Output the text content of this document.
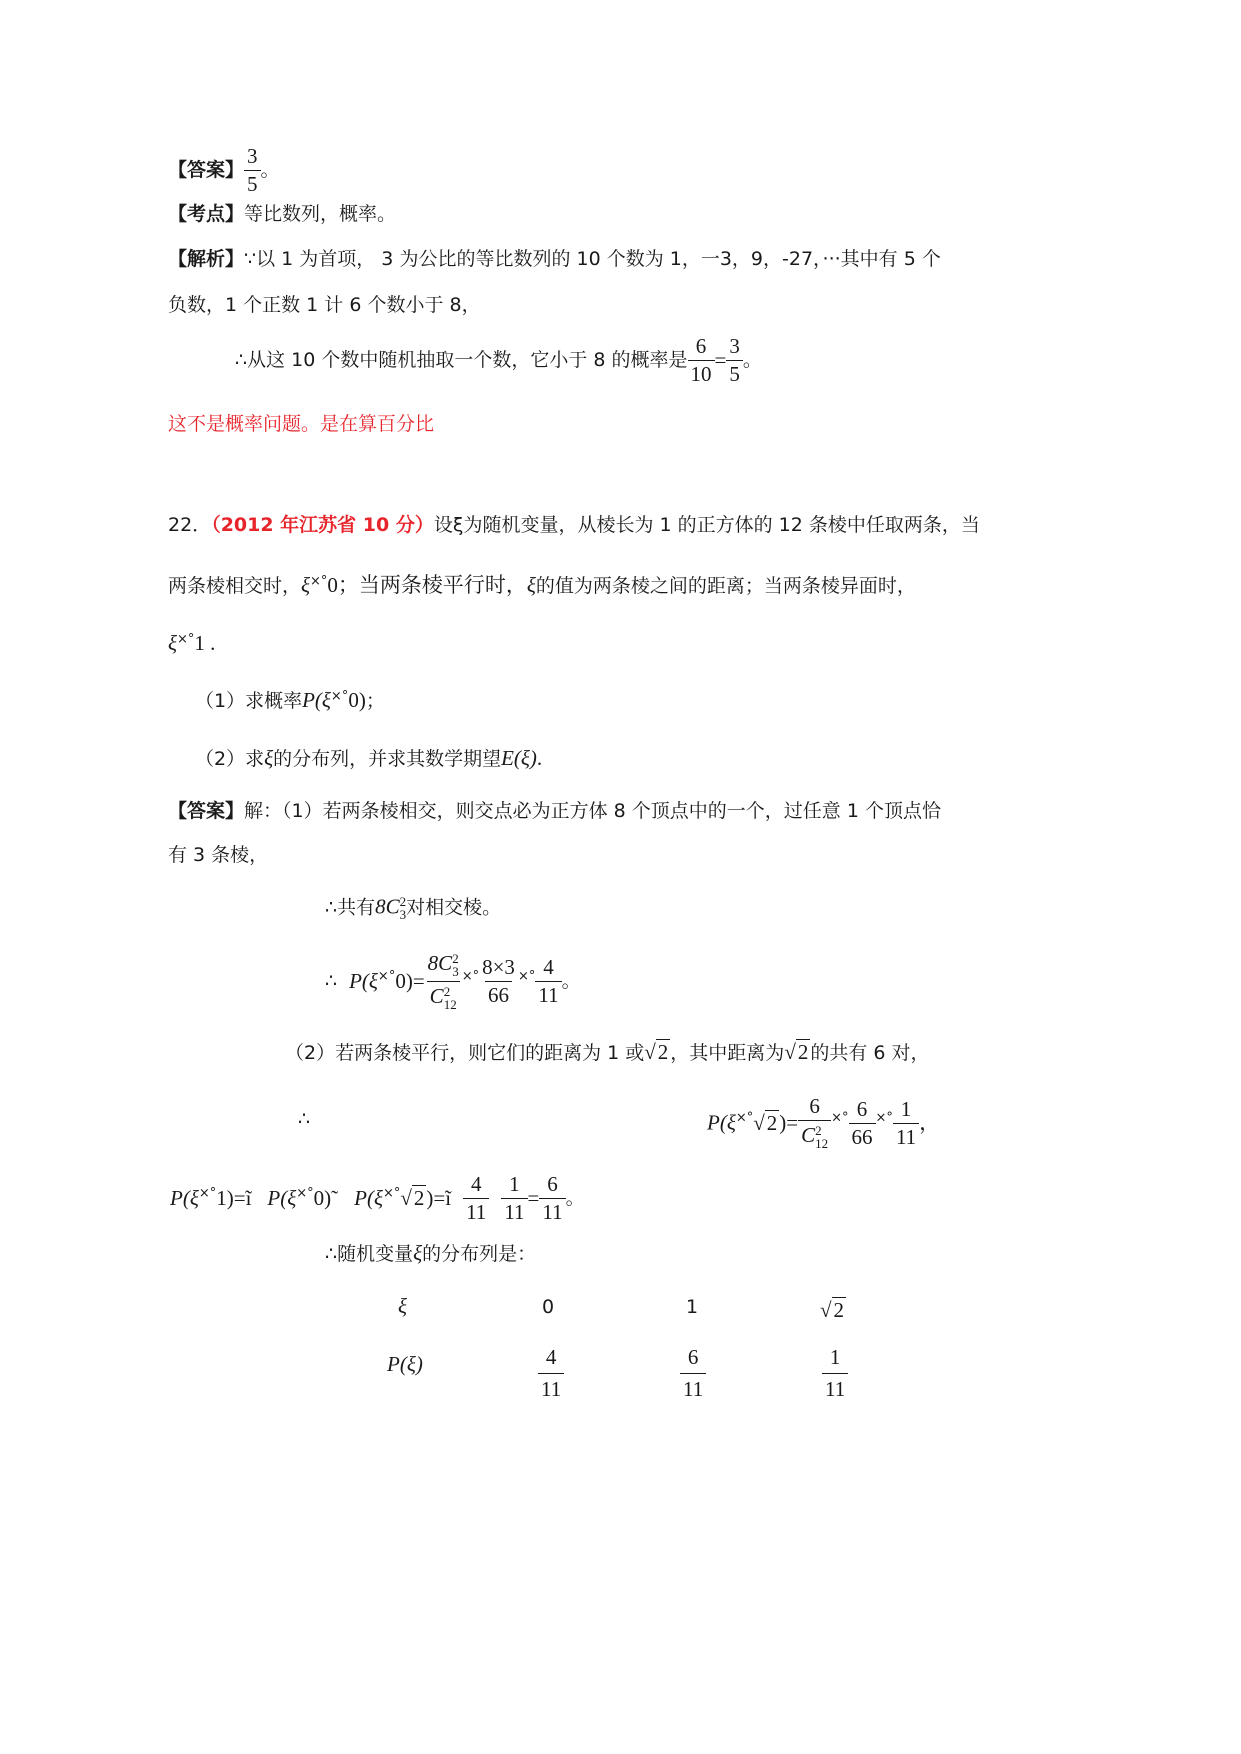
【答案】 $\frac{3}{5}$ 。
【考点】等比数列，概率。
【解析】∵以 1 为首项， 3 为公比的等比数列的 10 个数为 1，一3，9，-27，···其中有 5 个
负数，1 个正数 1 计 6 个数小于 8，
∴从这 10 个数中随机抽取一个数，它小于 8 的概率是 $\frac{6}{10} = \frac{3}{5}$ 。
这不是概率问题。是在算百分比
22．（2012 年江苏省 10 分）设ξ为随机变量，从棱长为 1 的正方体的 12 条棱中任取两条，当
两条棱相交时，ξ×°0；当两条棱平行时，ξ的值为两条棱之间的距离；当两条棱异面时，
ξ×°1 .
（1）求概率P(ξ×°0)；
（2）求ξ的分布列，并求其数学期望E(ξ).
【答案】解：（1）若两条棱相交，则交点必为正方体 8 个顶点中的一个，过任意 1 个顶点恰
有 3 条棱，
∴共有8C 2
3 对相交棱。
∴ P(ξ×°0)= 8C 2
3
C 2
12 $^{\times^\circ} \frac{8\times 3}{66} ^{\times^\circ} \frac{4}{11}$ 。
（2）若两条棱平行，则它们的距离为 1 或√2 ，其中距离为√2 的共有 6 对，
∴	P(ξ×°√2)= 6
C 2
12 $^{\times^\circ} \frac{6}{66} ^{\times^\circ} \frac{1}{11}$ ，
P(ξ×°1)=ĩ P(ξ×°0)˜ P(ξ×°√2)=ĩ $\frac{4}{11} \frac{1}{11} = \frac{6}{11}$ 。
∴随机变量ξ的分布列是：
ξ	0	1	√2
P(ξ)	$\frac{4}{11}$	$\frac{6}{11}$	$\frac{1}{11}$
